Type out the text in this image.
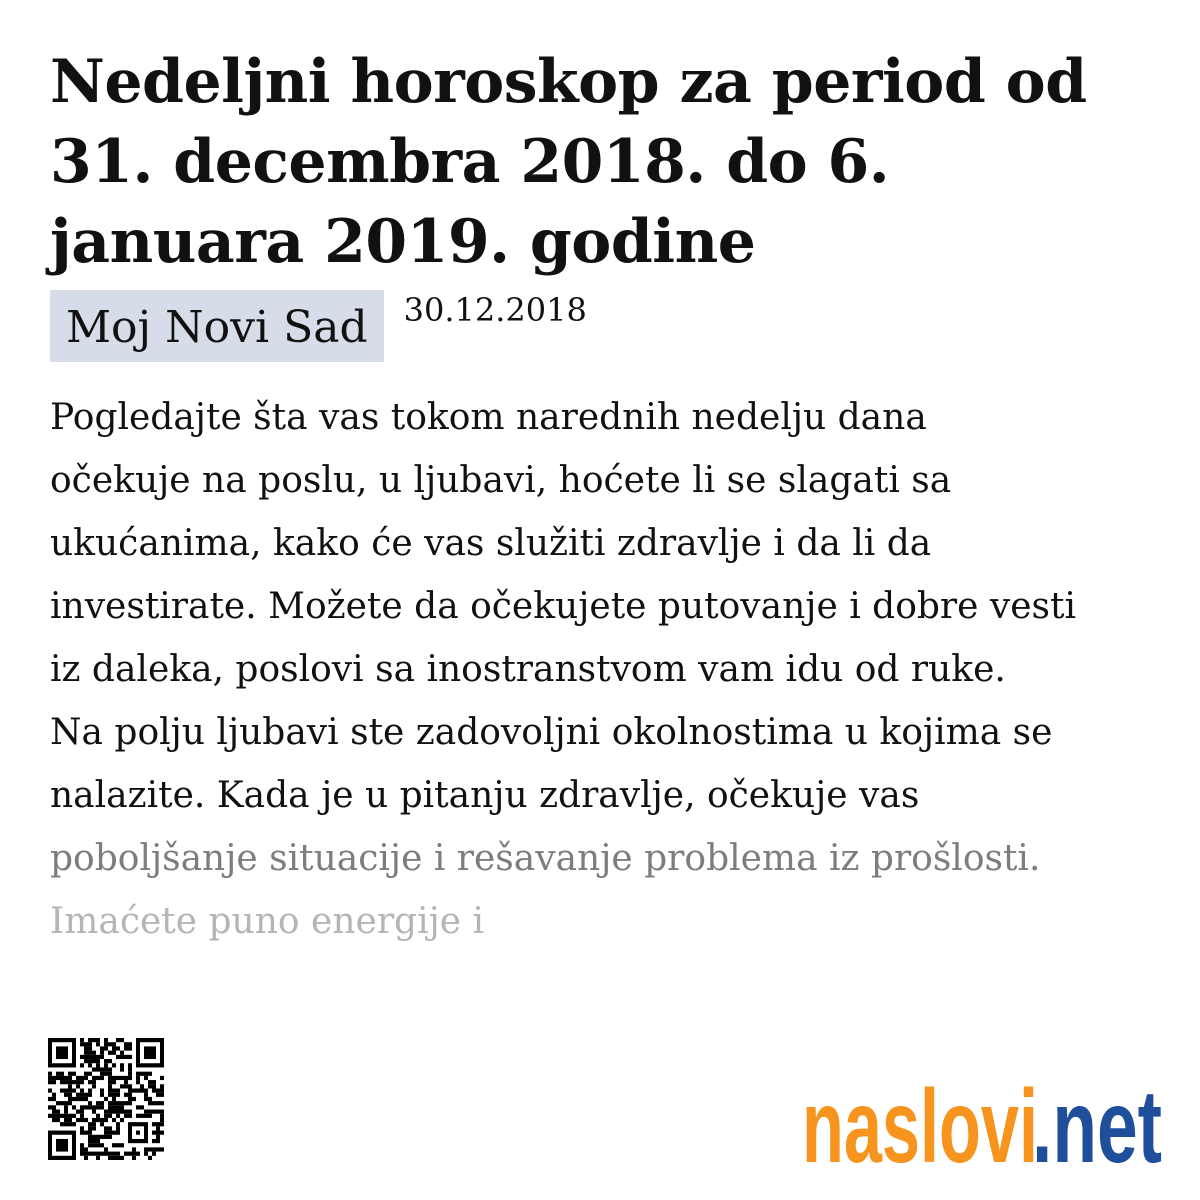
Nedeljni horoskop za period od 31. decembra 2018. do 6. januara 2019. godine
Moj Novi Sad	30.12.2018

Pogledajte šta vas tokom narednih nedelju dana
očekuje na poslu, u ljubavi, hoćete li se slagati sa
ukućanima, kako će vas služiti zdravlje i da li da
investirate. Možete da očekujete putovanje i dobre vesti
iz daleka, poslovi sa inostranstvom vam idu od ruke.
Na polju ljubavi ste zadovoljni okolnostima u kojima se
nalazite. Kada je u pitanju zdravlje, očekuje vas
poboljšanje situacije i rešavanje problema iz prošlosti.
Imaćete puno energije i

naslovi
.net
